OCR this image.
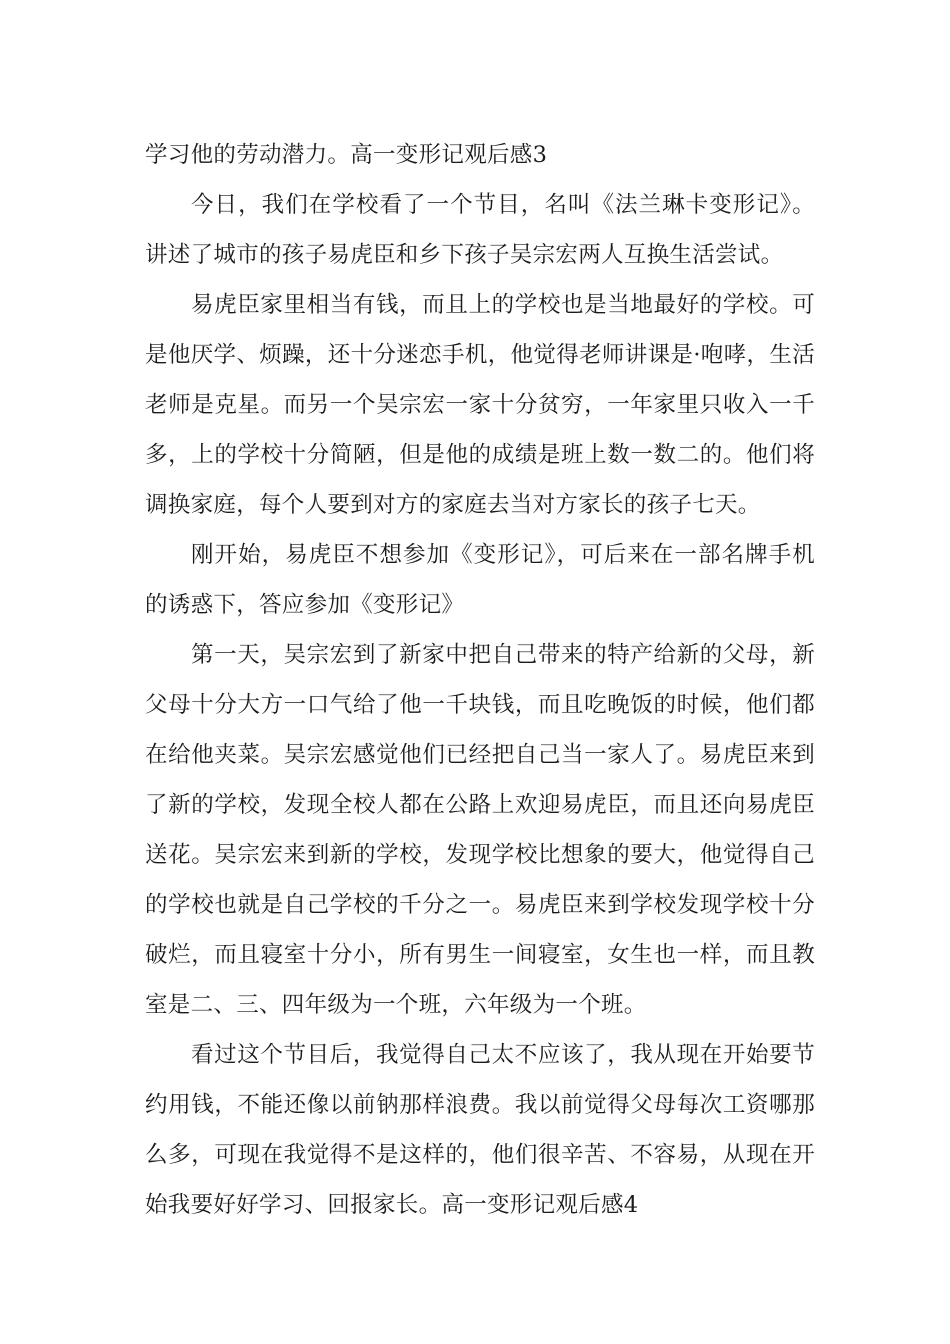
学习他的劳动潜力。高一变形记观后感3

今日，我们在学校看了一个节目，名叫《法兰琳卡变形记》。讲述了城市的孩子易虎臣和乡下孩子吴宗宏两人互换生活尝试。

易虎臣家里相当有钱，而且上的学校也是当地最好的学校。可是他厌学、烦躁，还十分迷恋手机，他觉得老师讲课是·咆哮，生活老师是克星。而另一个吴宗宏一家十分贫穷，一年家里只收入一千多，上的学校十分简陋，但是他的成绩是班上数一数二的。他们将调换家庭，每个人要到对方的家庭去当对方家长的孩子七天。

刚开始，易虎臣不想参加《变形记》，可后来在一部名牌手机的诱惑下，答应参加《变形记》

第一天，吴宗宏到了新家中把自己带来的特产给新的父母，新父母十分大方一口气给了他一千块钱，而且吃晚饭的时候，他们都在给他夹菜。吴宗宏感觉他们已经把自己当一家人了。易虎臣来到了新的学校，发现全校人都在公路上欢迎易虎臣，而且还向易虎臣送花。吴宗宏来到新的学校，发现学校比想象的要大，他觉得自己的学校也就是自己学校的千分之一。易虎臣来到学校发现学校十分破烂，而且寝室十分小，所有男生一间寝室，女生也一样，而且教室是二、三、四年级为一个班，六年级为一个班。

看过这个节目后，我觉得自己太不应该了，我从现在开始要节约用钱，不能还像以前钠那样浪费。我以前觉得父母每次工资哪那么多，可现在我觉得不是这样的，他们很辛苦、不容易，从现在开始我要好好学习、回报家长。高一变形记观后感4
